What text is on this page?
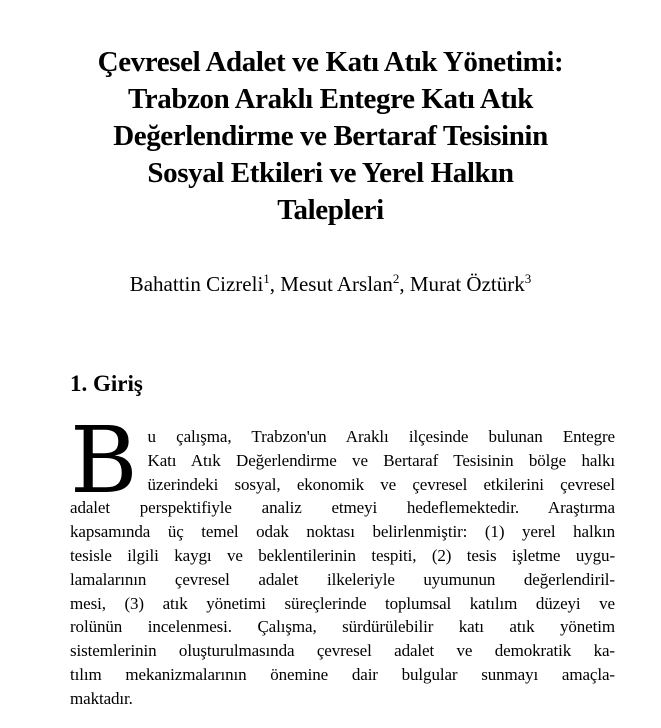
Çevresel Adalet ve Katı Atık Yönetimi:
Trabzon Araklı Entegre Katı Atık
Değerlendirme ve Bertaraf Tesisinin
Sosyal Etkileri ve Yerel Halkın
Talepleri
Bahattin Cizreli$^1$, Mesut Arslan$^2$, Murat Öztürk$^3$
1. Giriş
B u çalışma, Trabzon'un Araklı ilçesinde bulunan Entegre
Katı Atık Değerlendirme ve Bertaraf Tesisinin bölge halkı
üzerindeki sosyal, ekonomik ve çevresel etkilerini çevresel
adalet perspektifiyle analiz etmeyi hedeflemektedir. Araştırma
kapsamında üç temel odak noktası belirlenmiştir: (1) yerel halkın
tesisle ilgili kaygı ve beklentilerinin tespiti, (2) tesis işletme uygu-
lamalarının çevresel adalet ilkeleriyle uyumunun değerlendiril-
mesi, (3) atık yönetimi süreçlerinde toplumsal katılım düzeyi ve
rolünün incelenmesi. Çalışma, sürdürülebilir katı atık yönetim
sistemlerinin oluşturulmasında çevresel adalet ve demokratik ka-
tılım mekanizmalarının önemine dair bulgular sunmayı amaçla-
maktadır.
